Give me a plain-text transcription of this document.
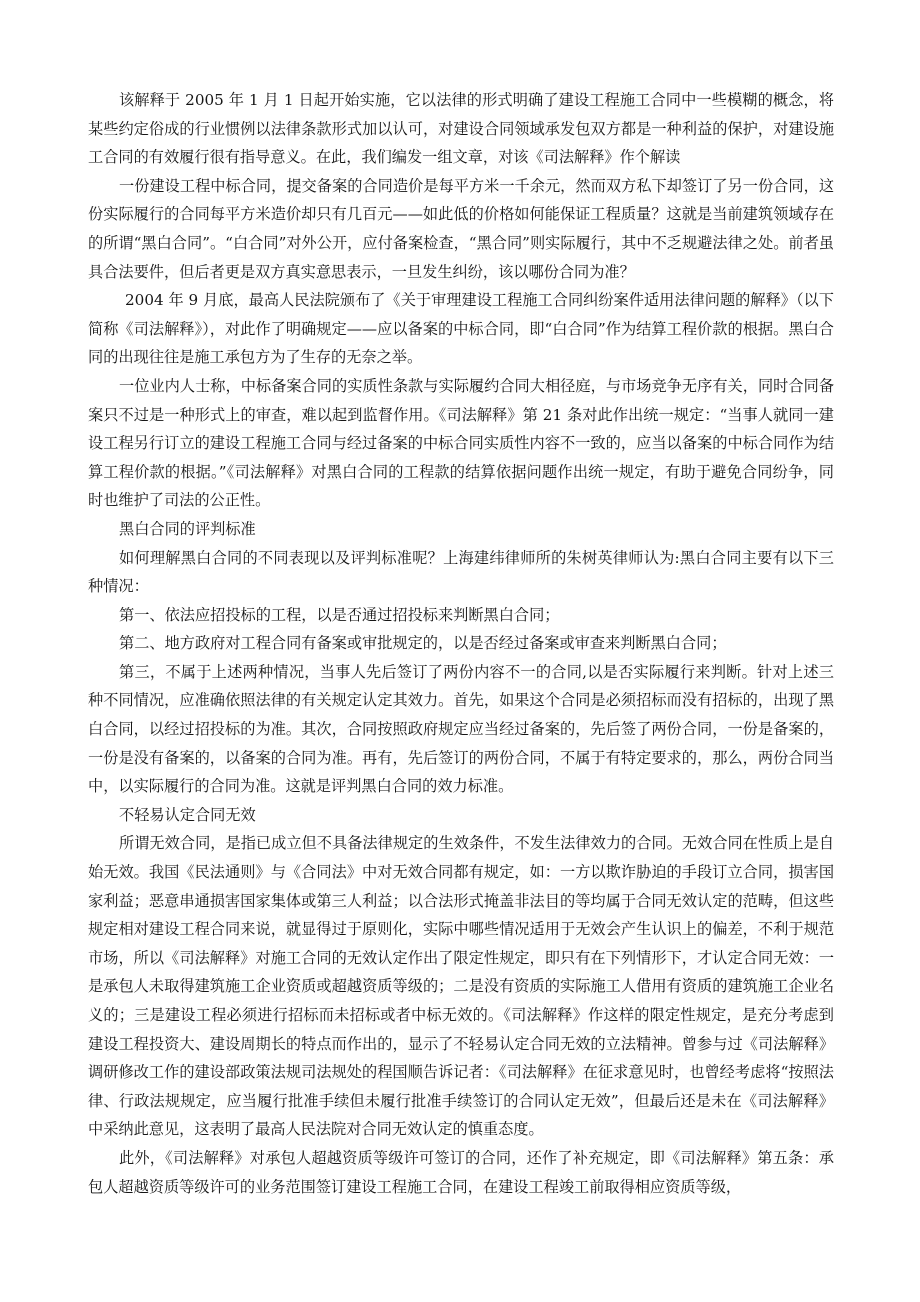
该解释于 2005 年 1 月 1 日起开始实施，它以法律的形式明确了建设工程施工合同中一些模糊的概念，将某些约定俗成的行业惯例以法律条款形式加以认可，对建设合同领域承发包双方都是一种利益的保护，对建设施工合同的有效履行很有指导意义。在此，我们编发一组文章，对该《司法解释》作个解读

一份建设工程中标合同，提交备案的合同造价是每平方米一千余元，然而双方私下却签订了另一份合同，这份实际履行的合同每平方米造价却只有几百元——如此低的价格如何能保证工程质量？这就是当前建筑领域存在的所谓“黑白合同”。“白合同”对外公开，应付备案检查，“黑合同”则实际履行，其中不乏规避法律之处。前者虽具合法要件，但后者更是双方真实意思表示，一旦发生纠纷，该以哪份合同为准？

2004 年 9 月底，最高人民法院颁布了《关于审理建设工程施工合同纠纷案件适用法律问题的解释》（以下简称《司法解释》），对此作了明确规定——应以备案的中标合同，即“白合同”作为结算工程价款的根据。黑白合同的出现往往是施工承包方为了生存的无奈之举。

一位业内人士称，中标备案合同的实质性条款与实际履约合同大相径庭，与市场竞争无序有关，同时合同备案只不过是一种形式上的审查，难以起到监督作用。《司法解释》第 21 条对此作出统一规定：“当事人就同一建设工程另行订立的建设工程施工合同与经过备案的中标合同实质性内容不一致的，应当以备案的中标合同作为结算工程价款的根据。”《司法解释》对黑白合同的工程款的结算依据问题作出统一规定，有助于避免合同纷争，同时也维护了司法的公正性。

黑白合同的评判标准

如何理解黑白合同的不同表现以及评判标准呢？上海建纬律师所的朱树英律师认为:黑白合同主要有以下三种情况：

第一、依法应招投标的工程，以是否通过招投标来判断黑白合同；

第二、地方政府对工程合同有备案或审批规定的，以是否经过备案或审查来判断黑白合同；

第三，不属于上述两种情况，当事人先后签订了两份内容不一的合同,以是否实际履行来判断。针对上述三种不同情况，应准确依照法律的有关规定认定其效力。首先，如果这个合同是必须招标而没有招标的，出现了黑白合同，以经过招投标的为准。其次，合同按照政府规定应当经过备案的，先后签了两份合同，一份是备案的，一份是没有备案的，以备案的合同为准。再有，先后签订的两份合同，不属于有特定要求的，那么，两份合同当中，以实际履行的合同为准。这就是评判黑白合同的效力标准。

不轻易认定合同无效

所谓无效合同，是指已成立但不具备法律规定的生效条件，不发生法律效力的合同。无效合同在性质上是自始无效。我国《民法通则》与《合同法》中对无效合同都有规定，如：一方以欺诈胁迫的手段订立合同，损害国家利益；恶意串通损害国家集体或第三人利益；以合法形式掩盖非法目的等均属于合同无效认定的范畴，但这些规定相对建设工程合同来说，就显得过于原则化，实际中哪些情况适用于无效会产生认识上的偏差，不利于规范市场，所以《司法解释》对施工合同的无效认定作出了限定性规定，即只有在下列情形下，才认定合同无效：一是承包人未取得建筑施工企业资质或超越资质等级的；二是没有资质的实际施工人借用有资质的建筑施工企业名义的；三是建设工程必须进行招标而未招标或者中标无效的。《司法解释》作这样的限定性规定，是充分考虑到建设工程投资大、建设周期长的特点而作出的，显示了不轻易认定合同无效的立法精神。曾参与过《司法解释》调研修改工作的建设部政策法规司法规处的程国顺告诉记者：《司法解释》在征求意见时，也曾经考虑将“按照法律、行政法规规定，应当履行批准手续但未履行批准手续签订的合同认定无效”，但最后还是未在《司法解释》中采纳此意见，这表明了最高人民法院对合同无效认定的慎重态度。

此外，《司法解释》对承包人超越资质等级许可签订的合同，还作了补充规定，即《司法解释》第五条：承包人超越资质等级许可的业务范围签订建设工程施工合同，在建设工程竣工前取得相应资质等级，
